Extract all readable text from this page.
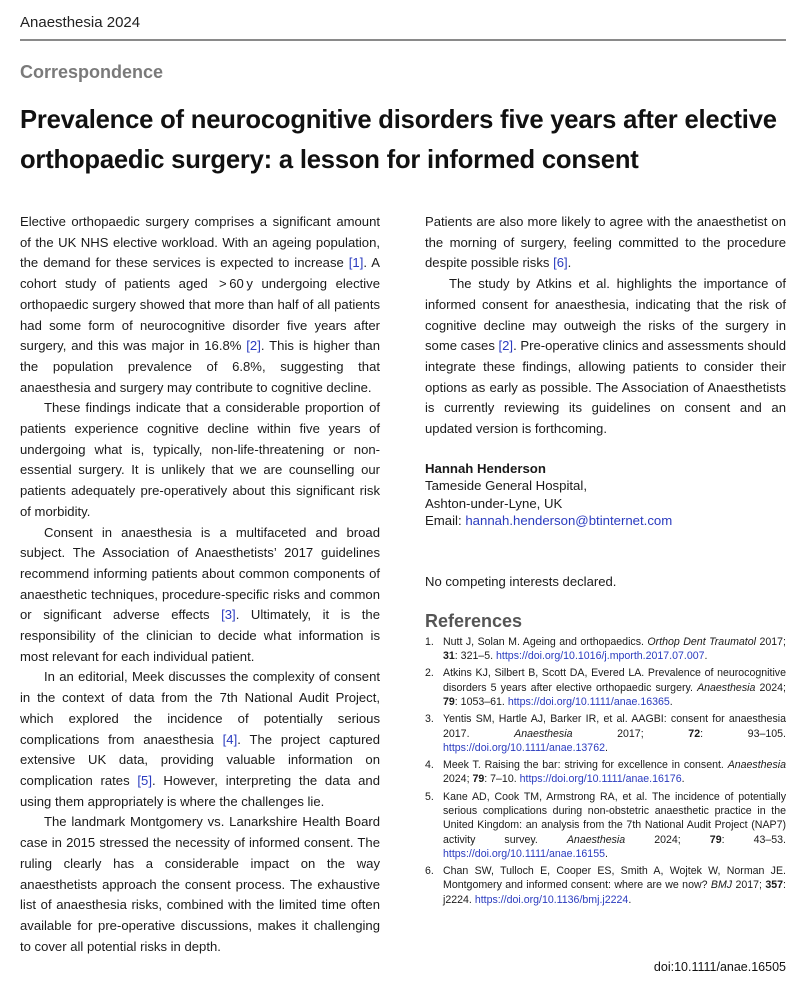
Anaesthesia 2024
Correspondence
Prevalence of neurocognitive disorders five years after elective orthopaedic surgery: a lesson for informed consent

Elective orthopaedic surgery comprises a significant amount of the UK NHS elective workload. With an ageing population, the demand for these services is expected to increase [1]. A cohort study of patients aged  > 60 y undergoing elective orthopaedic surgery showed that more than half of all patients had some form of neurocognitive disorder five years after surgery, and this was major in 16.8% [2]. This is higher than the population prevalence of 6.8%, suggesting that anaesthesia and surgery may contribute to cognitive decline.

These findings indicate that a considerable proportion of patients experience cognitive decline within five years of undergoing what is, typically, non-life-threatening or non-essential surgery. It is unlikely that we are counselling our patients adequately pre-operatively about this significant risk of morbidity.

Consent in anaesthesia is a multifaceted and broad subject. The Association of Anaesthetists’ 2017 guidelines recommend informing patients about common components of anaesthetic techniques, procedure-specific risks and common or significant adverse effects [3]. Ultimately, it is the responsibility of the clinician to decide what information is most relevant for each individual patient.

In an editorial, Meek discusses the complexity of consent in the context of data from the 7th National Audit Project, which explored the incidence of potentially serious complications from anaesthesia [4]. The project captured extensive UK data, providing valuable information on complication rates [5]. However, interpreting the data and using them appropriately is where the challenges lie.

The landmark Montgomery vs. Lanarkshire Health Board case in 2015 stressed the necessity of informed consent. The ruling clearly has a considerable impact on the way anaesthetists approach the consent process. The exhaustive list of anaesthesia risks, combined with the limited time often available for pre-operative discussions, makes it challenging to cover all potential risks in depth.

Patients are also more likely to agree with the anaesthetist on the morning of surgery, feeling committed to the procedure despite possible risks [6].

The study by Atkins et al. highlights the importance of informed consent for anaesthesia, indicating that the risk of cognitive decline may outweigh the risks of the surgery in some cases [2]. Pre-operative clinics and assessments should integrate these findings, allowing patients to consider their options as early as possible. The Association of Anaesthetists is currently reviewing its guidelines on consent and an updated version is forthcoming.

Hannah Henderson
Tameside General Hospital,
Ashton-under-Lyne, UK
Email: hannah.henderson@btinternet.com
No competing interests declared.
References
1. Nutt J, Solan M. Ageing and orthopaedics. Orthop Dent Traumatol 2017; 31: 321–5. https://doi.org/10.1016/j.mporth.2017.07.007.
2. Atkins KJ, Silbert B, Scott DA, Evered LA. Prevalence of neurocognitive disorders 5 years after elective orthopaedic surgery. Anaesthesia 2024; 79: 1053–61. https://doi.org/10.1111/anae.16365.
3. Yentis SM, Hartle AJ, Barker IR, et al. AAGBI: consent for anaesthesia 2017. Anaesthesia 2017; 72: 93–105. https://doi.org/10.1111/anae.13762.
4. Meek T. Raising the bar: striving for excellence in consent. Anaesthesia 2024; 79: 7–10. https://doi.org/10.1111/anae.16176.
5. Kane AD, Cook TM, Armstrong RA, et al. The incidence of potentially serious complications during non-obstetric anaesthetic practice in the United Kingdom: an analysis from the 7th National Audit Project (NAP7) activity survey. Anaesthesia 2024; 79: 43–53. https://doi.org/10.1111/anae.16155.
6. Chan SW, Tulloch E, Cooper ES, Smith A, Wojtek W, Norman JE. Montgomery and informed consent: where are we now? BMJ 2017; 357: j2224. https://doi.org/10.1136/bmj.j2224.
doi:10.1111/anae.16505
